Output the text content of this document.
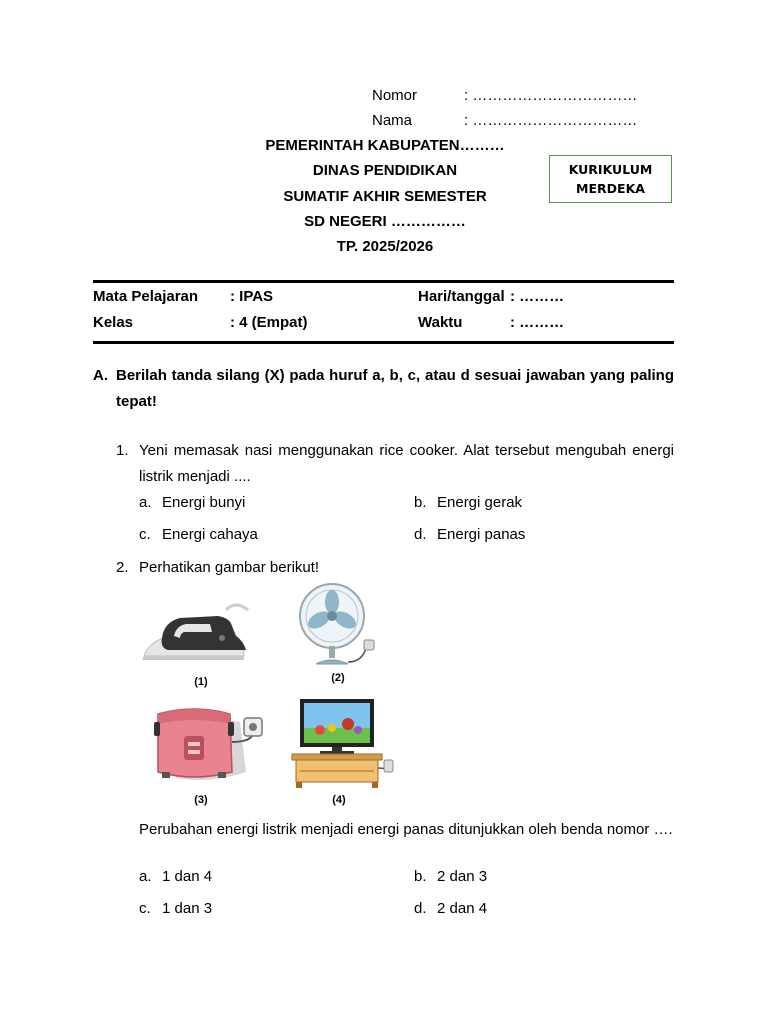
Nomor	: ……………………………
Nama	: ……………………………
PEMERINTAH KABUPATEN………
DINAS PENDIDIKAN
SUMATIF AKHIR SEMESTER
SD NEGERI ……………
TP. 2025/2026
KURIKULUM
MERDEKA
Mata Pelajaran : IPAS	Hari/tanggal : ………
Kelas	: 4 (Empat)	Waktu	: ………
A. Berilah tanda silang (X) pada huruf a, b, c, atau d sesuai jawaban yang paling tepat!
1. Yeni memasak nasi menggunakan rice cooker. Alat tersebut mengubah energi listrik menjadi ....
a. Energi bunyi	b. Energi gerak
c. Energi cahaya	d. Energi panas
2. Perhatikan gambar berikut!
(1)	(2)
(3)	(4)
Perubahan energi listrik menjadi energi panas ditunjukkan oleh benda nomor ….
a. 1 dan 4	b. 2 dan 3
c. 1 dan 3	d. 2 dan 4
